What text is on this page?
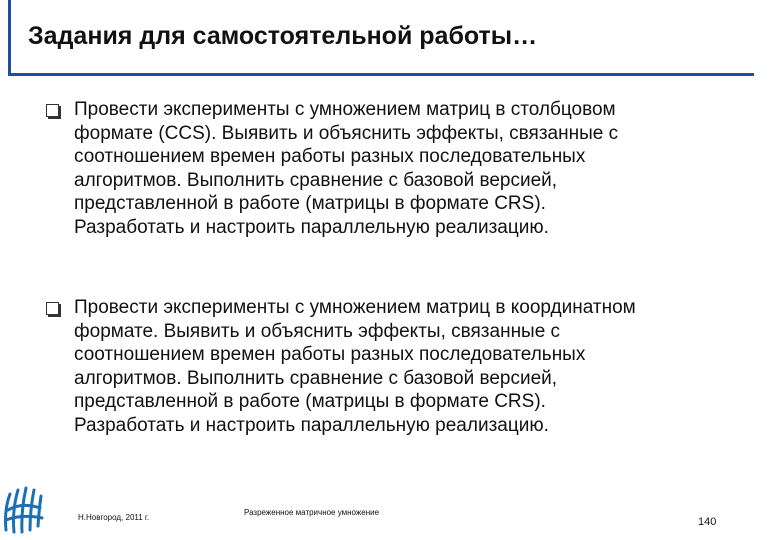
Задания для самостоятельной работы…
Провести эксперименты с умножением матриц в столбцовом
формате (CCS). Выявить и объяснить эффекты, связанные с
соотношением времен работы разных последовательных
алгоритмов. Выполнить сравнение с базовой версией,
представленной в работе (матрицы в формате CRS).
Разработать и настроить параллельную реализацию.
Провести эксперименты с умножением матриц в координатном
формате. Выявить и объяснить эффекты, связанные с
соотношением времен работы разных последовательных
алгоритмов. Выполнить сравнение с базовой версией,
представленной в работе (матрицы в формате CRS).
Разработать и настроить параллельную реализацию.
Н.Новгород, 2011 г.
Разреженное матричное умножение
140
